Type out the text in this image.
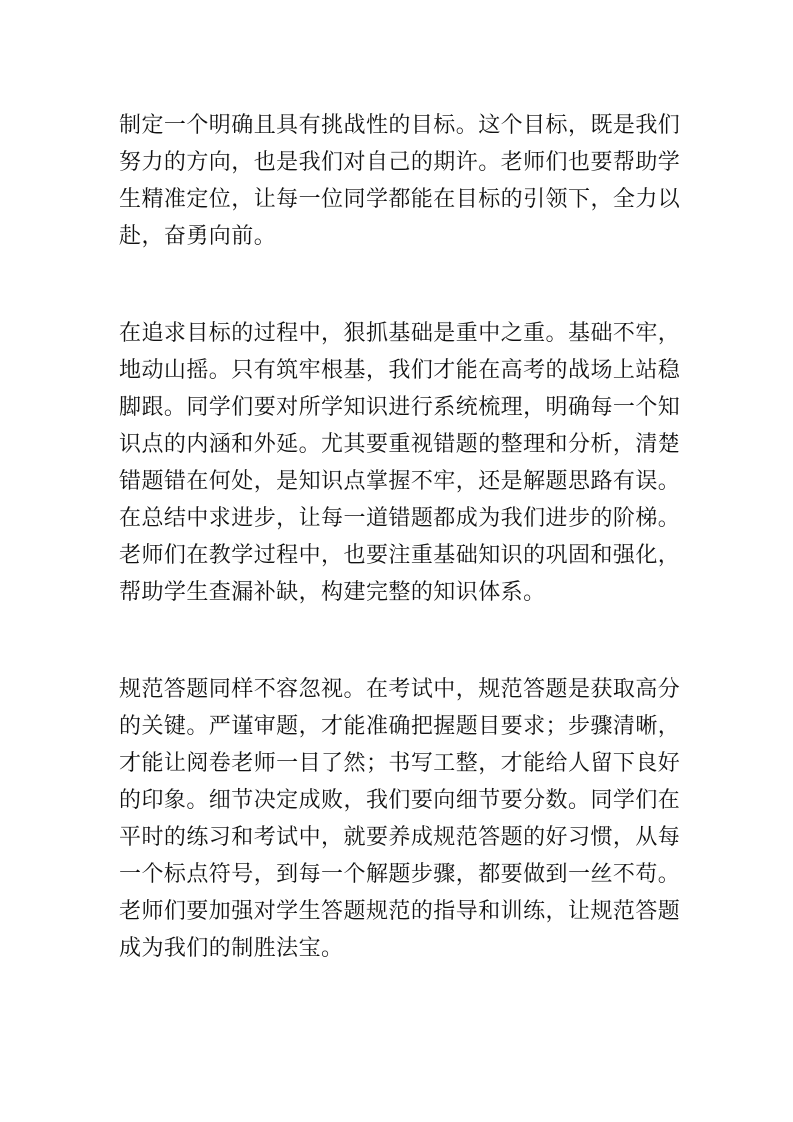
制定一个明确且具有挑战性的目标。这个目标，既是我们
努力的方向，也是我们对自己的期许。老师们也要帮助学
生精准定位，让每一位同学都能在目标的引领下，全力以
赴，奋勇向前。
在追求目标的过程中，狠抓基础是重中之重。基础不牢，
地动山摇。只有筑牢根基，我们才能在高考的战场上站稳
脚跟。同学们要对所学知识进行系统梳理，明确每一个知
识点的内涵和外延。尤其要重视错题的整理和分析，清楚
错题错在何处，是知识点掌握不牢，还是解题思路有误。
在总结中求进步，让每一道错题都成为我们进步的阶梯。
老师们在教学过程中，也要注重基础知识的巩固和强化，
帮助学生查漏补缺，构建完整的知识体系。
规范答题同样不容忽视。在考试中，规范答题是获取高分
的关键。严谨审题，才能准确把握题目要求；步骤清晰，
才能让阅卷老师一目了然；书写工整，才能给人留下良好
的印象。细节决定成败，我们要向细节要分数。同学们在
平时的练习和考试中，就要养成规范答题的好习惯，从每
一个标点符号，到每一个解题步骤，都要做到一丝不苟。
老师们要加强对学生答题规范的指导和训练，让规范答题
成为我们的制胜法宝。
